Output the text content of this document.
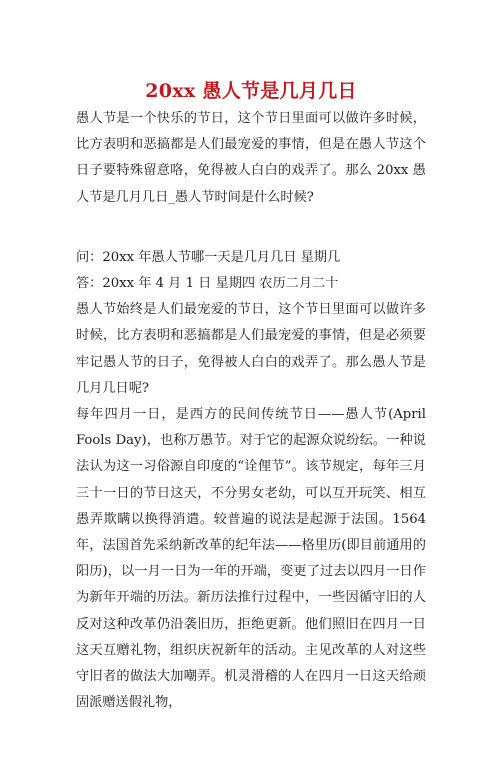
20xx 愚人节是几月几日

愚人节是一个快乐的节日，这个节日里面可以做许多时候，比方表明和恶搞都是人们最宠爱的事情，但是在愚人节这个日子要特殊留意咯，免得被人白白的戏弄了。那么 20xx 愚人节是几月几日_愚人节时间是什么时候?

问：20xx 年愚人节哪一天是几月几日 星期几

答：20xx 年 4 月 1 日 星期四 农历二月二十

愚人节始终是人们最宠爱的节日，这个节日里面可以做许多时候，比方表明和恶搞都是人们最宠爱的事情，但是必须要牢记愚人节的日子，免得被人白白的戏弄了。那么愚人节是几月几日呢?

每年四月一日，是西方的民间传统节日——愚人节(April Fools Day)，也称万愚节。对于它的起源众说纷纭。一种说法认为这一习俗源自印度的“诠俚节”。该节规定，每年三月三十一日的节日这天，不分男女老幼，可以互开玩笑、相互愚弄欺瞒以换得消遣。较普遍的说法是起源于法国。1564 年，法国首先采纳新改革的纪年法——格里历(即目前通用的阳历)，以一月一日为一年的开端，变更了过去以四月一日作为新年开端的历法。新历法推行过程中，一些因循守旧的人反对这种改革仍沿袭旧历，拒绝更新。他们照旧在四月一日这天互赠礼物，组织庆祝新年的活动。主见改革的人对这些守旧者的做法大加嘲弄。机灵滑稽的人在四月一日这天给顽固派赠送假礼物，
